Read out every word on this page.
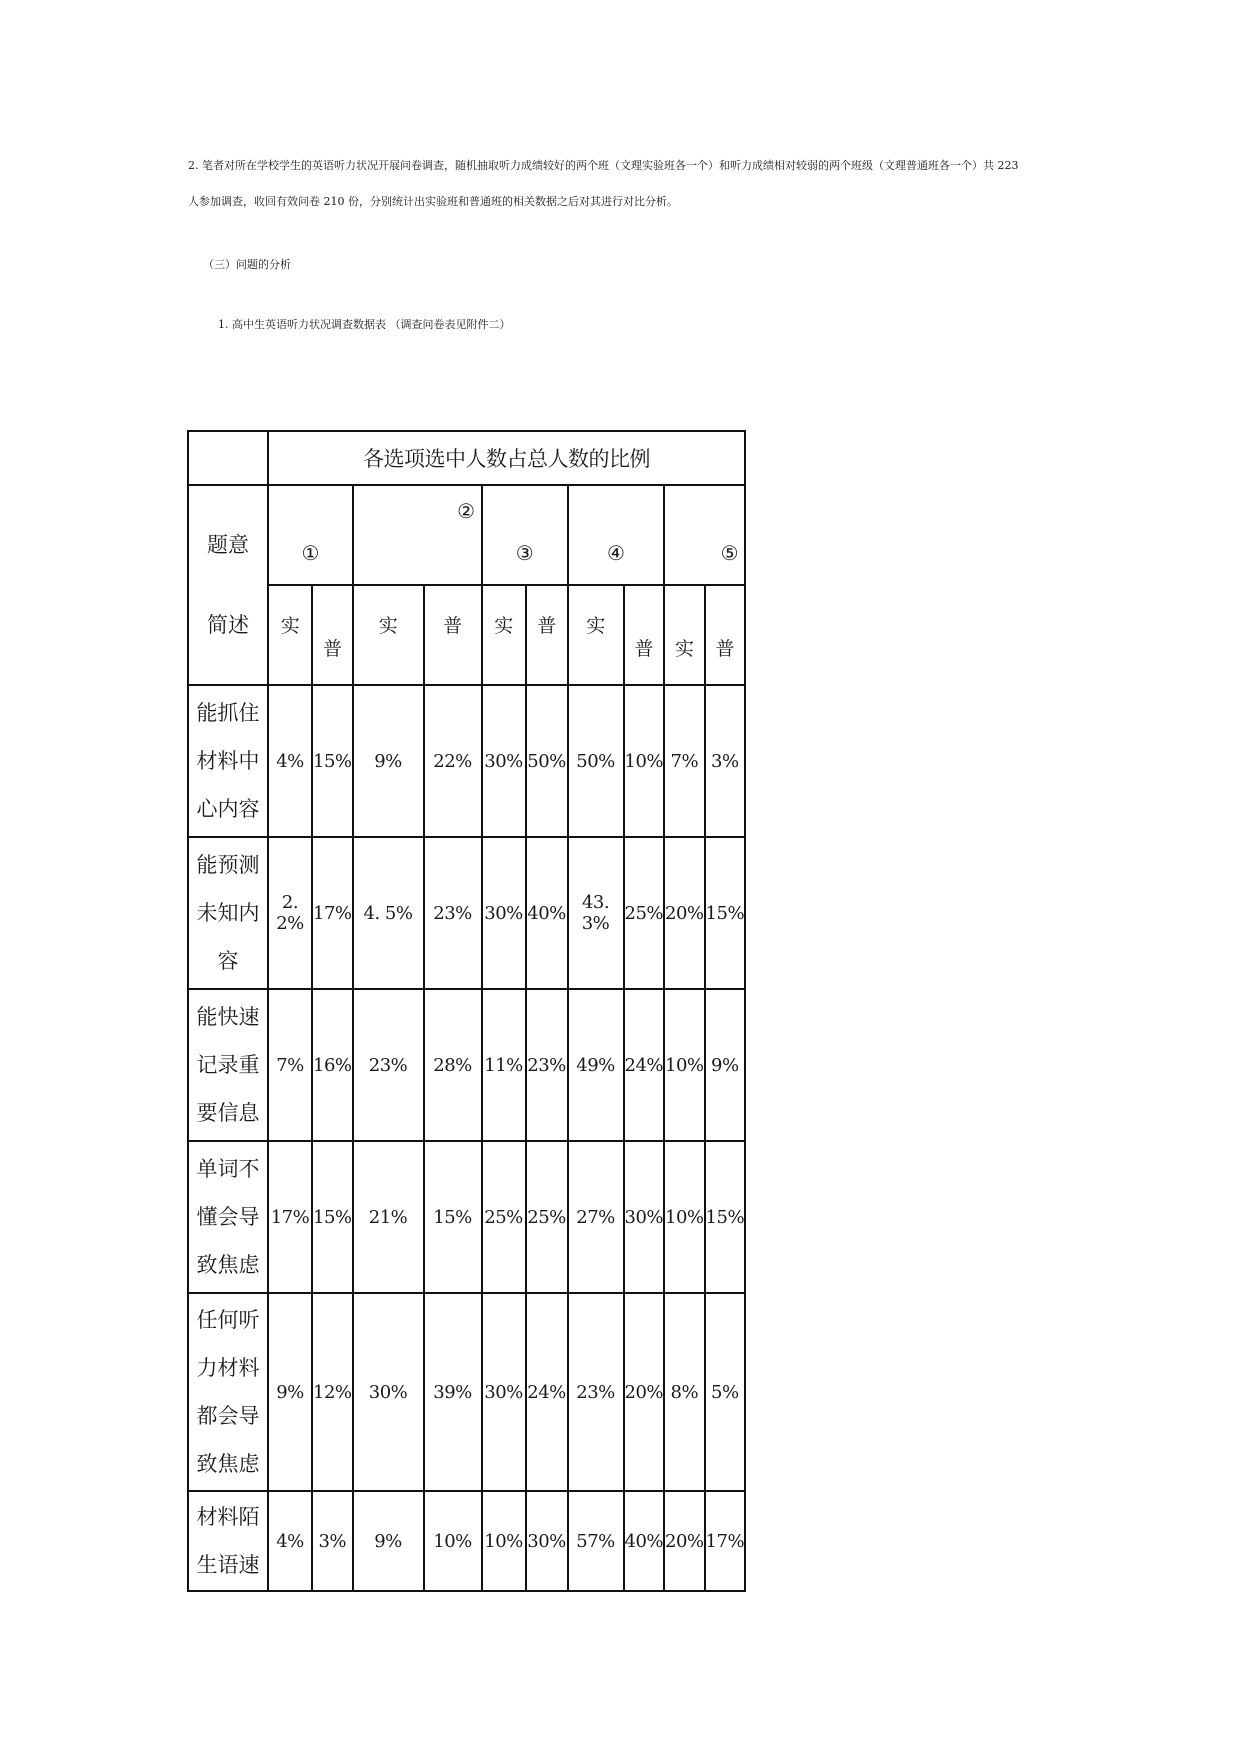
2. 笔者对所在学校学生的英语听力状况开展问卷调查，随机抽取听力成绩较好的两个班（文理实验班各一个）和听力成绩相对较弱的两个班级（文理普通班各一个）共 223

人参加调查，收回有效问卷 210 份，分别统计出实验班和普通班的相关数据之后对其进行对比分析。

（三）问题的分析

1. 高中生英语听力状况调查数据表 （调查问卷表见附件二）

	各选项选中人数占总人数的比例									

题意
简述	①		②		③		④		⑤	

	实	普	实	普	实	普	实	普	实	普

能抓住
材料中
心内容	4%	15%	9%	22%	30%	50%	50%	10%	7%	3%

能预测
未知内
容	2. 2%	17%	4. 5%	23%	30%	40%	43. 3%	25%	20%	15%

能快速
记录重
要信息	7%	16%	23%	28%	11%	23%	49%	24%	10%	9%

单词不
懂会导
致焦虑	17%	15%	21%	15%	25%	25%	27%	30%	10%	15%

任何听
力材料
都会导
致焦虑	9%	12%	30%	39%	30%	24%	23%	20%	8%	5%

材料陌
生语速	4%	3%	9%	10%	10%	30%	57%	40%	20%	17%
